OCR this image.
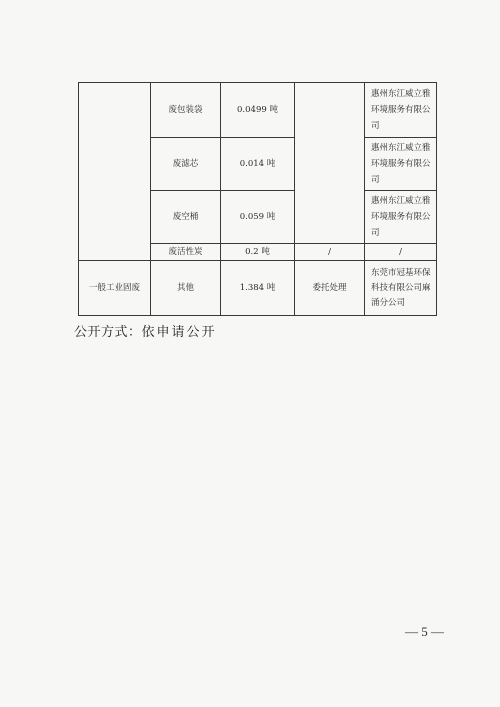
	废包装袋	0.0499 吨		惠州东江威立雅环境服务有限公司
	废滤芯	0.014 吨		惠州东江威立雅环境服务有限公司
	废空桶	0.059 吨		惠州东江威立雅环境服务有限公司
	废活性炭	0.2 吨	/	/
一般工业固废	其他	1.384 吨	委托处理	东莞市冠基环保科技有限公司麻涌分公司
公开方式：依申请公开
— 5 —
